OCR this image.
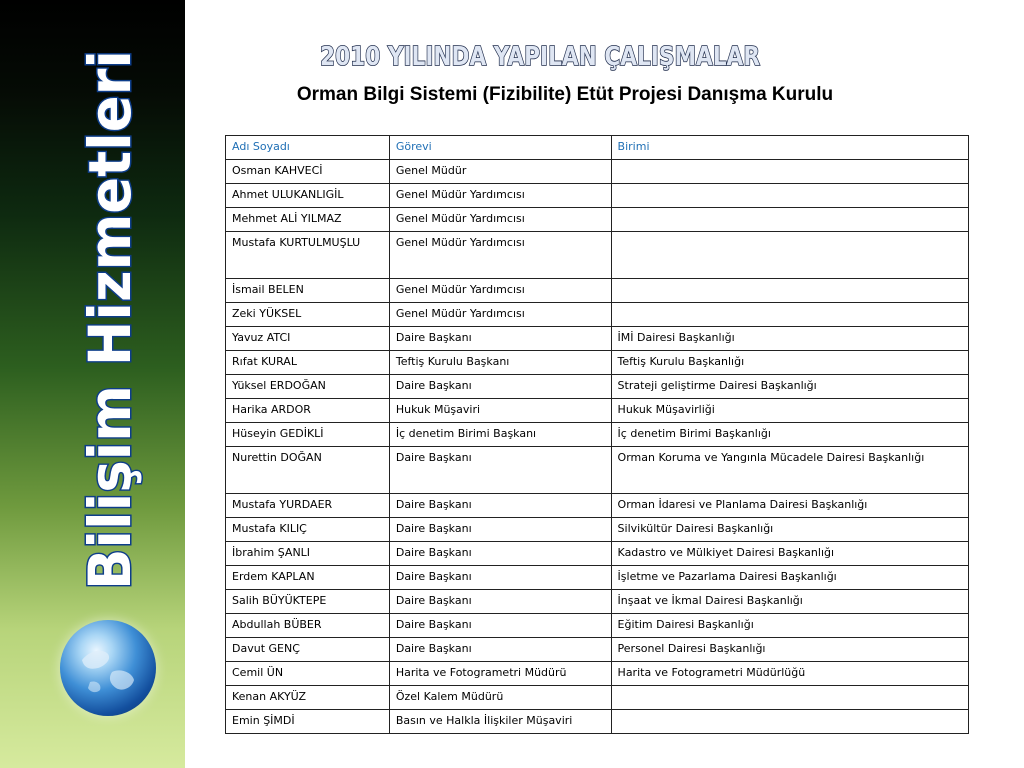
Bilişim Hizmetleri	2010 YILINDA YAPILAN ÇALIŞMALAR
Orman Bilgi Sistemi (Fizibilite) Etüt Projesi Danışma Kurulu
Adı Soyadı	Görevi	Birimi
Osman KAHVECİ	Genel Müdür	
Ahmet ULUKANLIGİL	Genel Müdür Yardımcısı	
Mehmet ALİ YILMAZ	Genel Müdür Yardımcısı	
Mustafa KURTULMUŞLU	Genel Müdür Yardımcısı	
İsmail BELEN	Genel Müdür Yardımcısı	
Zeki YÜKSEL	Genel Müdür Yardımcısı	
Yavuz ATCI	Daire Başkanı	İMİ Dairesi Başkanlığı
Rıfat KURAL	Teftiş Kurulu Başkanı	Teftiş Kurulu Başkanlığı
Yüksel ERDOĞAN	Daire Başkanı	Strateji geliştirme Dairesi Başkanlığı
Harika ARDOR	Hukuk Müşaviri	Hukuk Müşavirliği
Hüseyin GEDİKLİ	İç denetim Birimi Başkanı	İç denetim Birimi Başkanlığı
Nurettin DOĞAN	Daire Başkanı	Orman Koruma ve Yangınla Mücadele Dairesi Başkanlığı
Mustafa YURDAER	Daire Başkanı	Orman İdaresi ve Planlama Dairesi Başkanlığı
Mustafa KILIÇ	Daire Başkanı	Silvikültür Dairesi Başkanlığı
İbrahim ŞANLI	Daire Başkanı	Kadastro ve Mülkiyet Dairesi Başkanlığı
Erdem KAPLAN	Daire Başkanı	İşletme ve Pazarlama Dairesi Başkanlığı
Salih BÜYÜKTEPE	Daire Başkanı	İnşaat ve İkmal Dairesi Başkanlığı
Abdullah BÜBER	Daire Başkanı	Eğitim Dairesi Başkanlığı
Davut GENÇ	Daire Başkanı	Personel Dairesi Başkanlığı
Cemil ÜN	Harita ve Fotogrametri Müdürü	Harita ve Fotogrametri Müdürlüğü
Kenan AKYÜZ	Özel Kalem Müdürü	
Emin ŞİMDİ	Basın ve Halkla İlişkiler Müşaviri	
